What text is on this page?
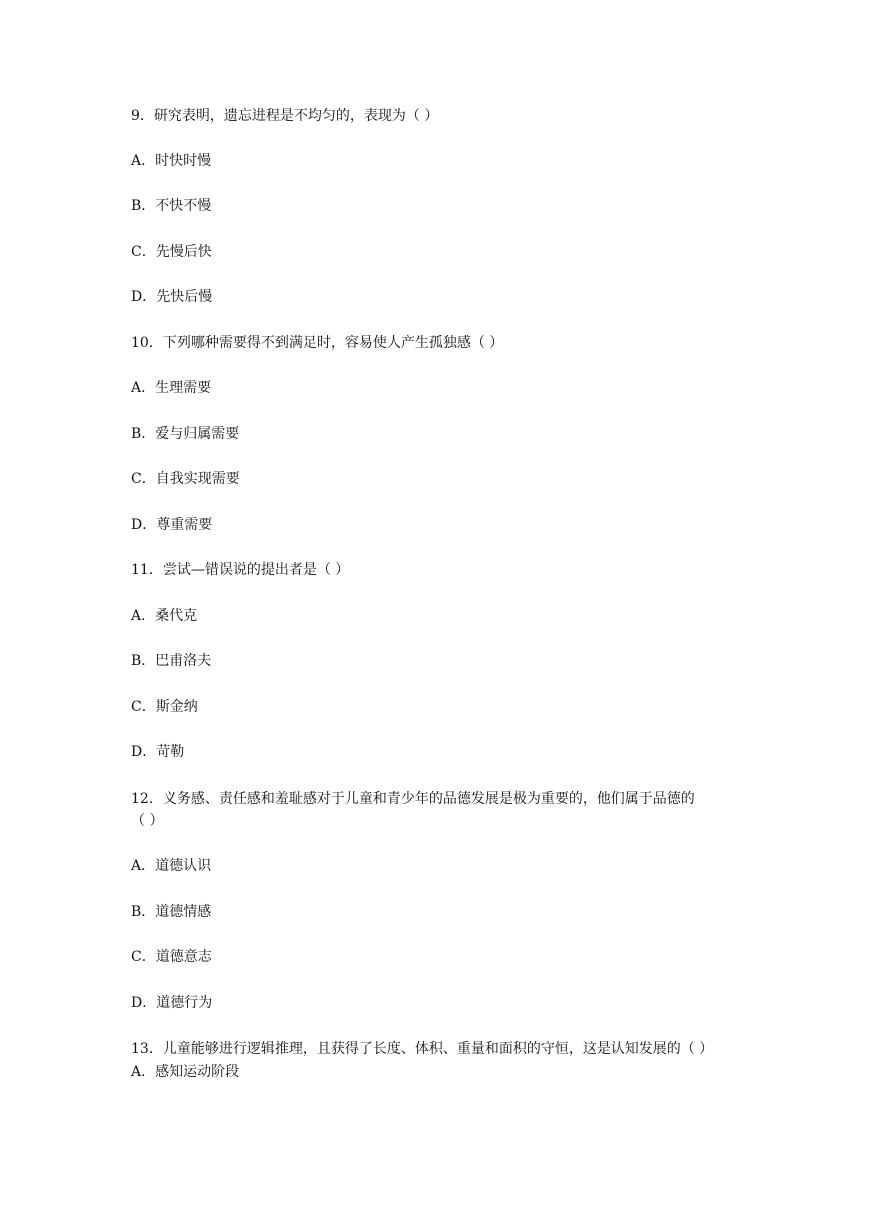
9．研究表明，遗忘进程是不均匀的，表现为（ ）
A．时快时慢
B．不快不慢
C．先慢后快
D．先快后慢
10．下列哪种需要得不到满足时，容易使人产生孤独感（ ）
A．生理需要
B．爱与归属需要
C．自我实现需要
D．尊重需要
11．尝试—错误说的提出者是（ ）
A．桑代克
B．巴甫洛夫
C．斯金纳
D．苛勒
12．义务感、责任感和羞耻感对于儿童和青少年的品德发展是极为重要的，他们属于品德的
（ ）
A．道德认识
B．道德情感
C．道德意志
D．道德行为
13．儿童能够进行逻辑推理，且获得了长度、体积、重量和面积的守恒，这是认知发展的（ ）
A．感知运动阶段
